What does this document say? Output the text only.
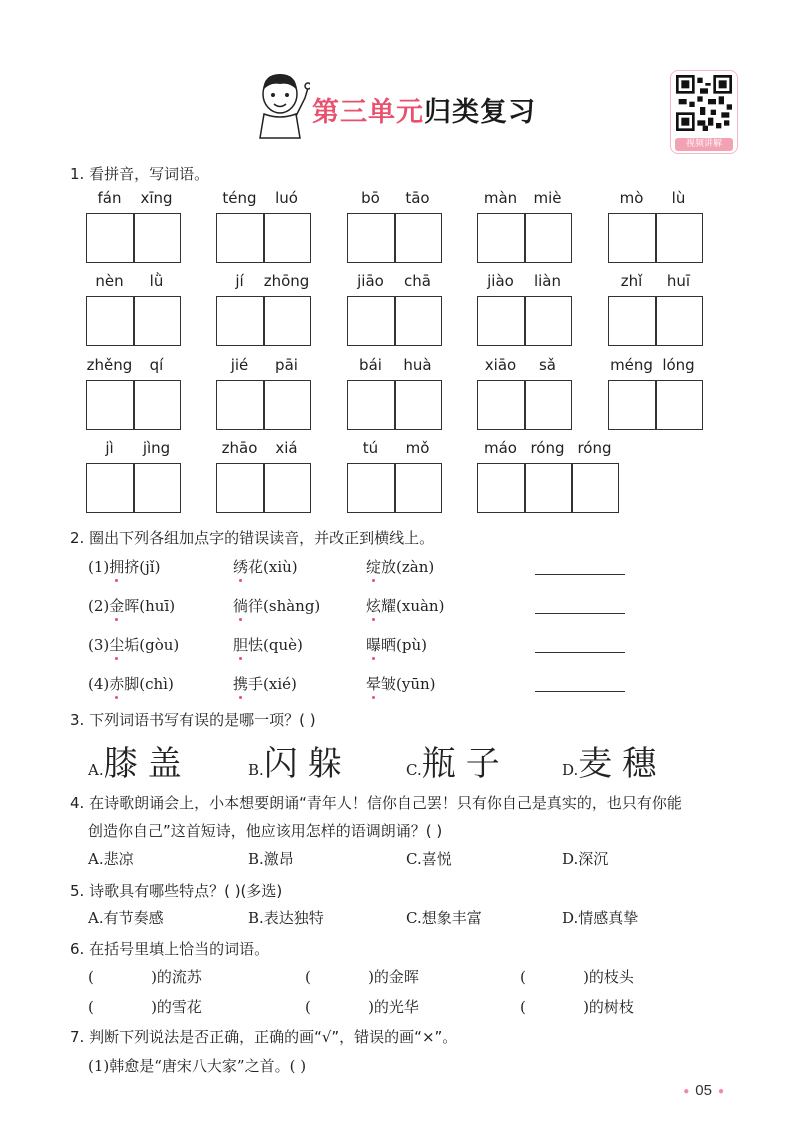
第三单元归类复习
视频讲解
1. 看拼音，写词语。
fán	xīng	téng	luó	bō	tāo	màn	miè	mò	lù
nèn	lǜ	jí	zhōng	jiāo	chā	jiào	liàn	zhǐ	huī
zhěng	qí	jié	pāi	bái	huà	xiāo	sǎ	méng lóng
jì	jìng	zhāo	xiá	tú	mǒ	máo róng róng
2. 圈出下列各组加点字的错误读音，并改正到横线上。
(1)拥挤(jǐ)	绣花(xiù)	绽放(zàn)
(2)金晖(huī)	徜徉(shàng)	炫耀(xuàn)
(3)尘垢(gòu)	胆怯(què)	曝晒(pù)
(4)赤脚(chì)	携手(xié)	晕皱(yūn)
3. 下列词语书写有误的是哪一项？( )
A.膝盖	B.闪躲	C.瓶子	D.麦穗
4. 在诗歌朗诵会上，小本想要朗诵“青年人！信你自己罢！只有你自己是真实的，也只有你能
创造你自己”这首短诗，他应该用怎样的语调朗诵？( )
A.悲凉	B.激昂	C.喜悦	D.深沉
5. 诗歌具有哪些特点？( )(多选)
A.有节奏感	B.表达独特	C.想象丰富	D.情感真挚
6. 在括号里填上恰当的词语。
(            )的流苏	(            )的金晖	(            )的枝头
(            )的雪花	(            )的光华	(            )的树枝
7. 判断下列说法是否正确，正确的画“√”，错误的画“×”。
(1)韩愈是“唐宋八大家”之首。( )
● 05 ●
